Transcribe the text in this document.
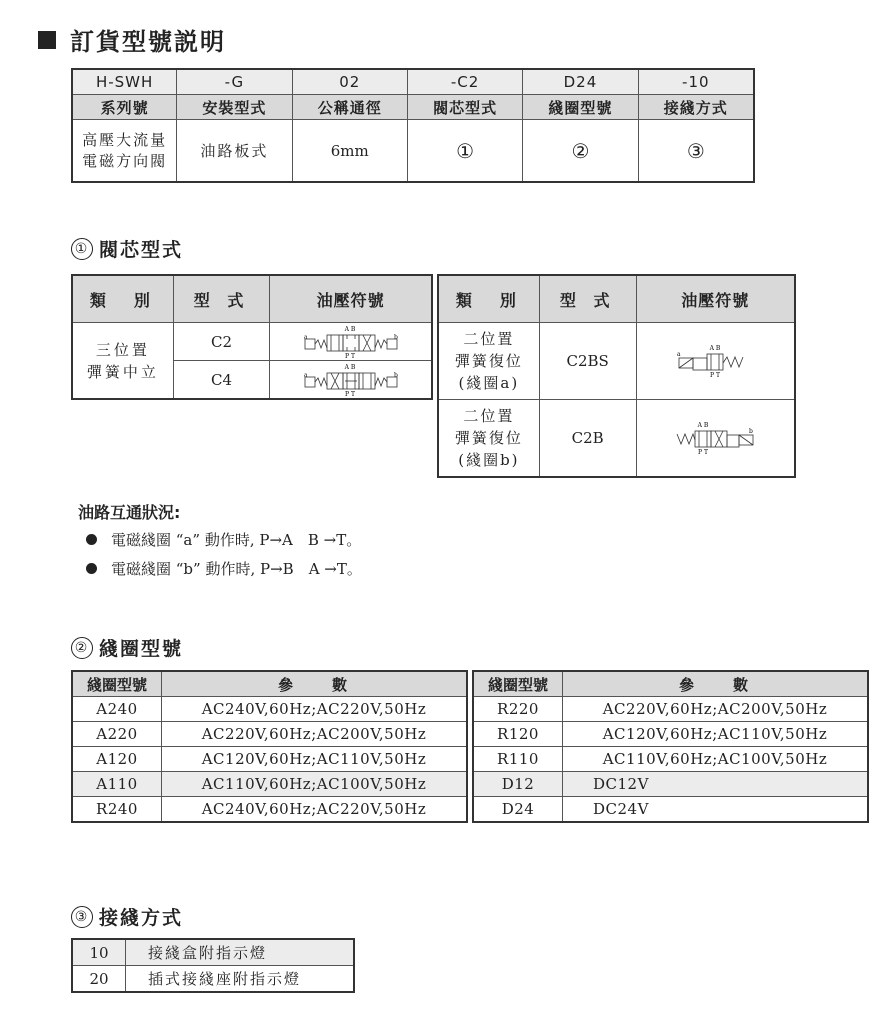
訂貨型號説明
H-SWH	-G	02	-C2	D24	-10
系列號	安裝型式	公稱通徑	閥芯型式	綫圈型號	接綫方式
高壓大流量
電磁方向閥	油路板式	6mm	①	②	③
① 閥芯型式
類　別	型 式	油壓符號
三位置
彈簧中立	C2	A B
P T
a b

	C4	A B
P T
a b
類　別	型 式	油壓符號
二位置
彈簧復位
(綫圈a)	C2BS	A B
P T
a

二位置
彈簧復位
(綫圈b)	C2B	A B
P T
b
油路互通狀況:
電磁綫圈 “a” 動作時, P→A　B →T。
電磁綫圈 “b” 動作時, P→B　A →T。
② 綫圈型號
綫圈型號	參　　數
A240	AC240V,60Hz;AC220V,50Hz
A220	AC220V,60Hz;AC200V,50Hz
A120	AC120V,60Hz;AC110V,50Hz
A110	AC110V,60Hz;AC100V,50Hz
R240	AC240V,60Hz;AC220V,50Hz
綫圈型號	參　　數
R220	AC220V,60Hz;AC200V,50Hz
R120	AC120V,60Hz;AC110V,50Hz
R110	AC110V,60Hz;AC100V,50Hz
D12	DC12V
D24	DC24V
③ 接綫方式
10	接綫盒附指示燈
20	插式接綫座附指示燈
